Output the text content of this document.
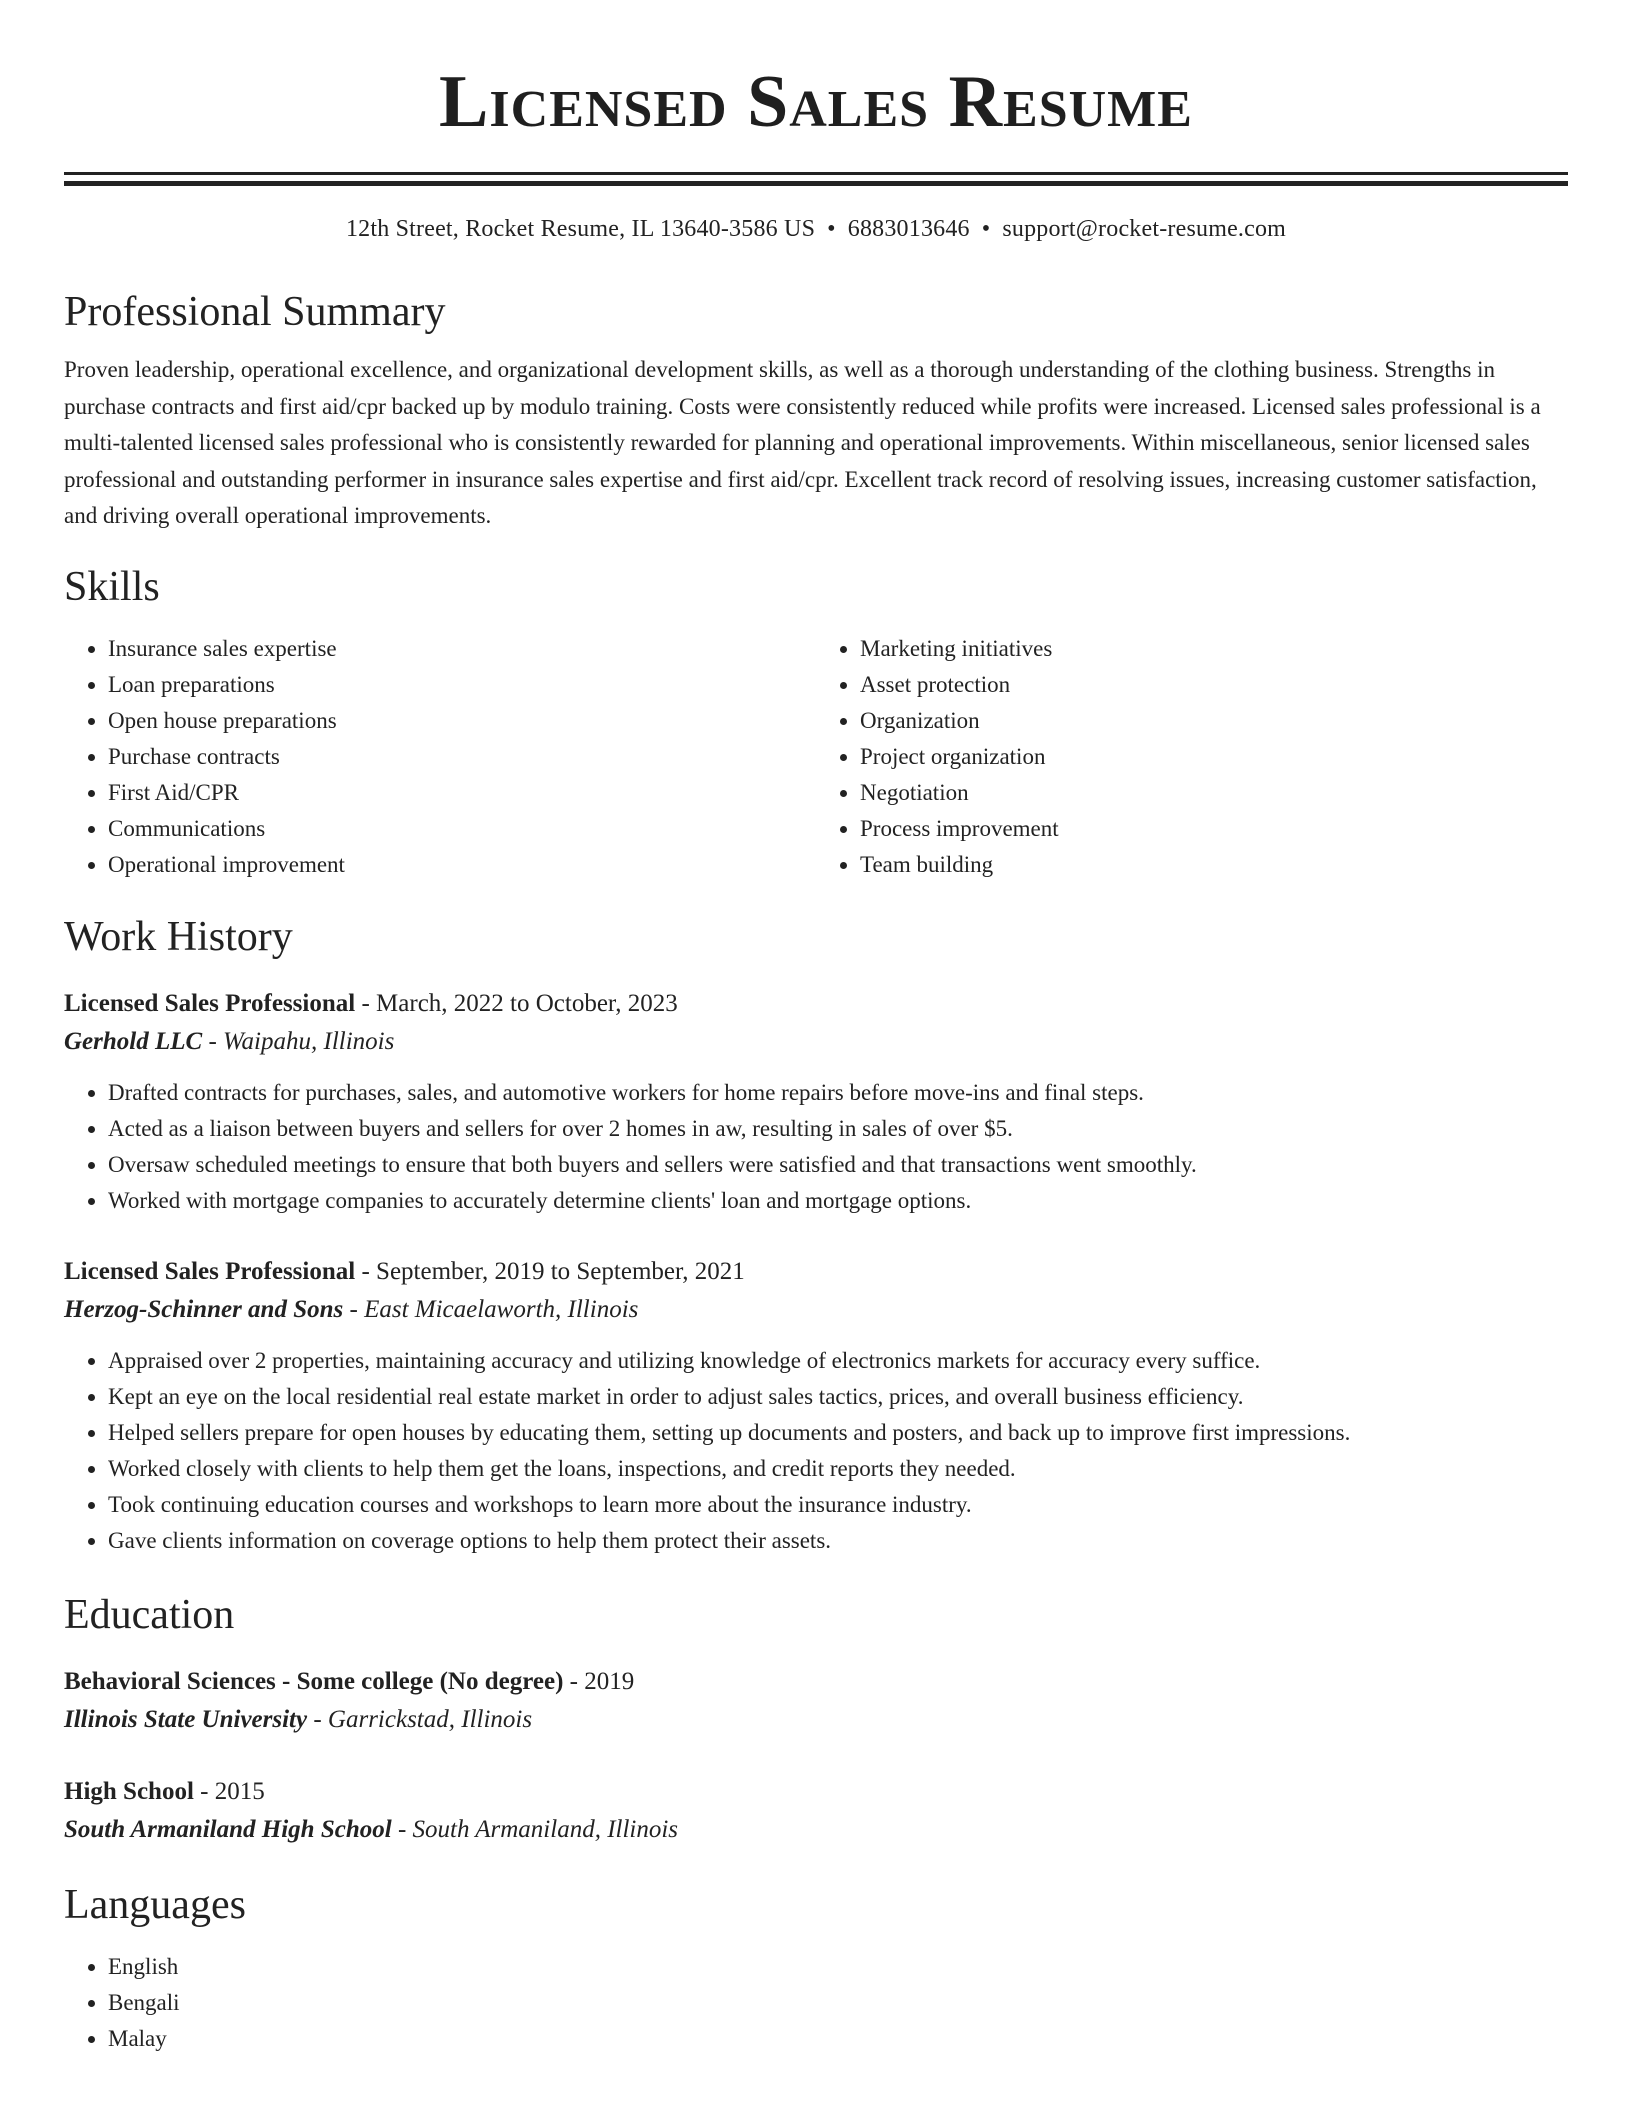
Licensed Sales Resume
12th Street, Rocket Resume, IL 13640-3586 US • 6883013646 • support@rocket-resume.com
Professional Summary

Proven leadership, operational excellence, and organizational development skills, as well as a thorough understanding of the clothing business. Strengths in purchase contracts and first aid/cpr backed up by modulo training. Costs were consistently reduced while profits were increased. Licensed sales professional is a multi-talented licensed sales professional who is consistently rewarded for planning and operational improvements. Within miscellaneous, senior licensed sales professional and outstanding performer in insurance sales expertise and first aid/cpr. Excellent track record of resolving issues, increasing customer satisfaction, and driving overall operational improvements.

Skills
• Insurance sales expertise
• Loan preparations
• Open house preparations
• Purchase contracts
• First Aid/CPR
• Communications
• Operational improvement
• Marketing initiatives
• Asset protection
• Organization
• Project organization
• Negotiation
• Process improvement
• Team building
Work History
Licensed Sales Professional - March, 2022 to October, 2023
Gerhold LLC - Waipahu, Illinois
• Drafted contracts for purchases, sales, and automotive workers for home repairs before move-ins and final steps.
• Acted as a liaison between buyers and sellers for over 2 homes in aw, resulting in sales of over $5.
• Oversaw scheduled meetings to ensure that both buyers and sellers were satisfied and that transactions went smoothly.
• Worked with mortgage companies to accurately determine clients' loan and mortgage options.
Licensed Sales Professional - September, 2019 to September, 2021
Herzog-Schinner and Sons - East Micaelaworth, Illinois
• Appraised over 2 properties, maintaining accuracy and utilizing knowledge of electronics markets for accuracy every suffice.
• Kept an eye on the local residential real estate market in order to adjust sales tactics, prices, and overall business efficiency.
• Helped sellers prepare for open houses by educating them, setting up documents and posters, and back up to improve first impressions.
• Worked closely with clients to help them get the loans, inspections, and credit reports they needed.
• Took continuing education courses and workshops to learn more about the insurance industry.
• Gave clients information on coverage options to help them protect their assets.
Education
Behavioral Sciences - Some college (No degree) - 2019
Illinois State University - Garrickstad, Illinois
High School - 2015
South Armaniland High School - South Armaniland, Illinois
Languages
• English
• Bengali
• Malay
